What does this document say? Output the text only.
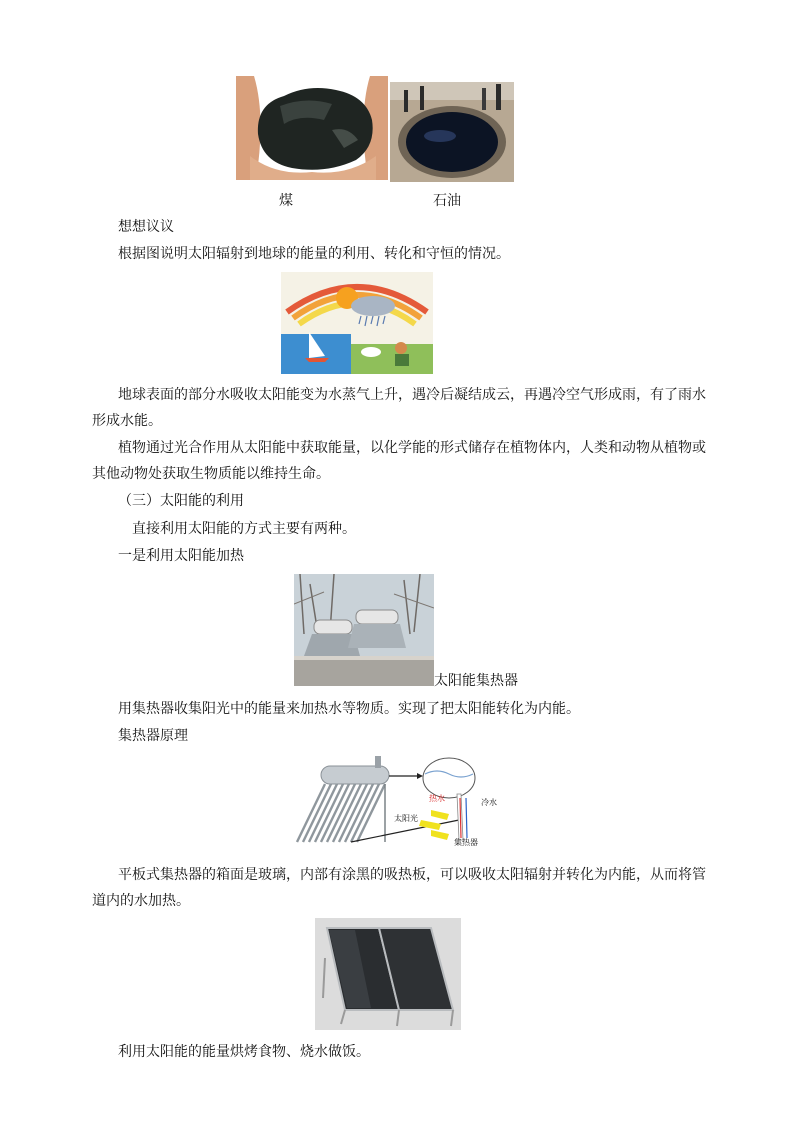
煤	石油
想想议议
根据图说明太阳辐射到地球的能量的利用、转化和守恒的情况。
地球表面的部分水吸收太阳能变为水蒸气上升，遇冷后凝结成云，再遇冷空气形成雨，有了雨水
形成水能。
植物通过光合作用从太阳能中获取能量，以化学能的形式储存在植物体内，人类和动物从植物或
其他动物处获取生物质能以维持生命。
（三）太阳能的利用
直接利用太阳能的方式主要有两种。
一是利用太阳能加热
太阳能集热器
用集热器收集阳光中的能量来加热水等物质。实现了把太阳能转化为内能。
集热器原理
热水	冷水
太阳光
集热器
平板式集热器的箱面是玻璃，内部有涂黑的吸热板，可以吸收太阳辐射并转化为内能，从而将管
道内的水加热。
利用太阳能的能量烘烤食物、烧水做饭。
